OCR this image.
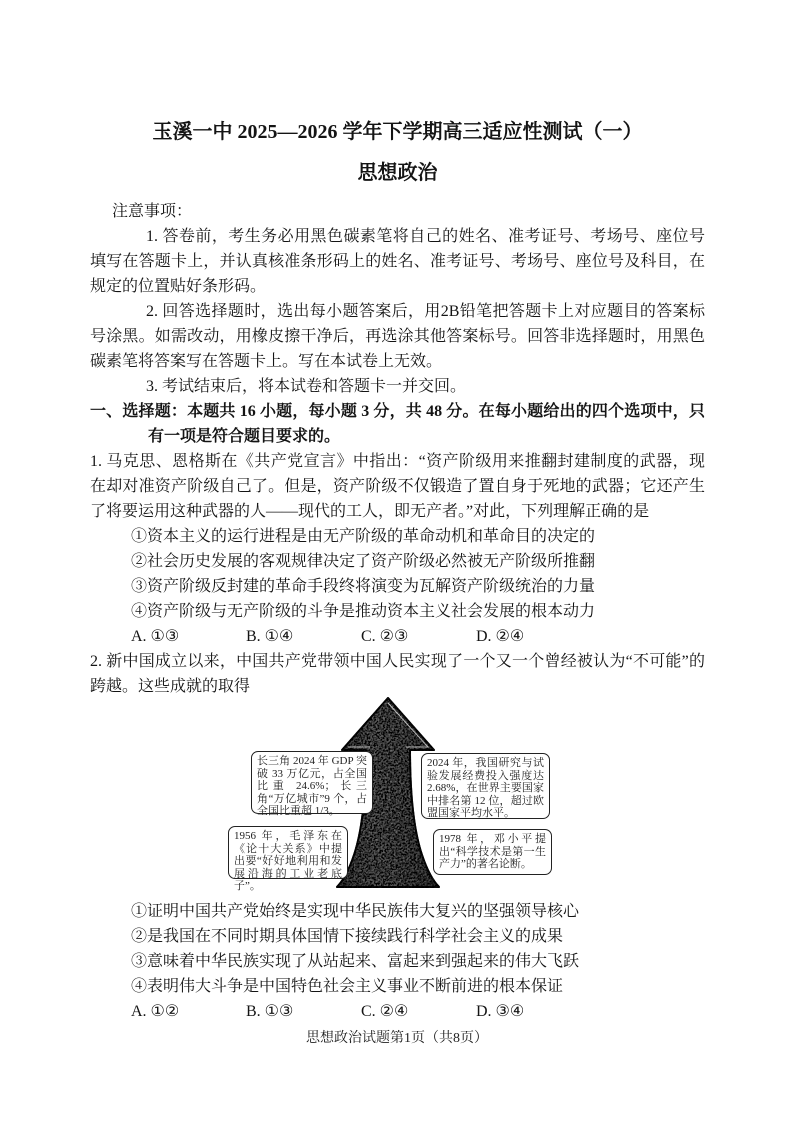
玉溪一中 2025—2026 学年下学期高三适应性测试（一）
思想政治
注意事项：
1. 答卷前，考生务必用黑色碳素笔将自己的姓名、准考证号、考场号、座位号填写在答题卡上，并认真核准条形码上的姓名、准考证号、考场号、座位号及科目，在规定的位置贴好条形码。
2. 回答选择题时，选出每小题答案后，用2B铅笔把答题卡上对应题目的答案标号涂黑。如需改动，用橡皮擦干净后，再选涂其他答案标号。回答非选择题时，用黑色碳素笔将答案写在答题卡上。写在本试卷上无效。
3. 考试结束后，将本试卷和答题卡一并交回。
一、选择题：本题共 16 小题，每小题 3 分，共 48 分。在每小题给出的四个选项中，只有一项是符合题目要求的。
1. 马克思、恩格斯在《共产党宣言》中指出：“资产阶级用来推翻封建制度的武器，现在却对准资产阶级自己了。但是，资产阶级不仅锻造了置自身于死地的武器；它还产生了将要运用这种武器的人——现代的工人，即无产者。”对此，下列理解正确的是
①资本主义的运行进程是由无产阶级的革命动机和革命目的决定的
②社会历史发展的客观规律决定了资产阶级必然被无产阶级所推翻
③资产阶级反封建的革命手段终将演变为瓦解资产阶级统治的力量
④资产阶级与无产阶级的斗争是推动资本主义社会发展的根本动力
A. ①③	B. ①④	C. ②③	D. ②④
2. 新中国成立以来，中国共产党带领中国人民实现了一个又一个曾经被认为“不可能”的跨越。这些成就的取得
长三角 2024 年 GDP 突破 33 万亿元，占全国比重 24.6%；长三角“万亿城市”9 个，占全国比重超 1/3。
2024 年，我国研究与试验发展经费投入强度达 2.68%，在世界主要国家中排名第 12 位，超过欧盟国家平均水平。
1956 年，毛泽东在《论十大关系》中提出要“好好地利用和发展沿海的工业老底子”。
1978 年，邓小平提出“科学技术是第一生产力”的著名论断。
①证明中国共产党始终是实现中华民族伟大复兴的坚强领导核心
②是我国在不同时期具体国情下接续践行科学社会主义的成果
③意味着中华民族实现了从站起来、富起来到强起来的伟大飞跃
④表明伟大斗争是中国特色社会主义事业不断前进的根本保证
A. ①②	B. ①③	C. ②④	D. ③④
思想政治试题第1页（共8页）
